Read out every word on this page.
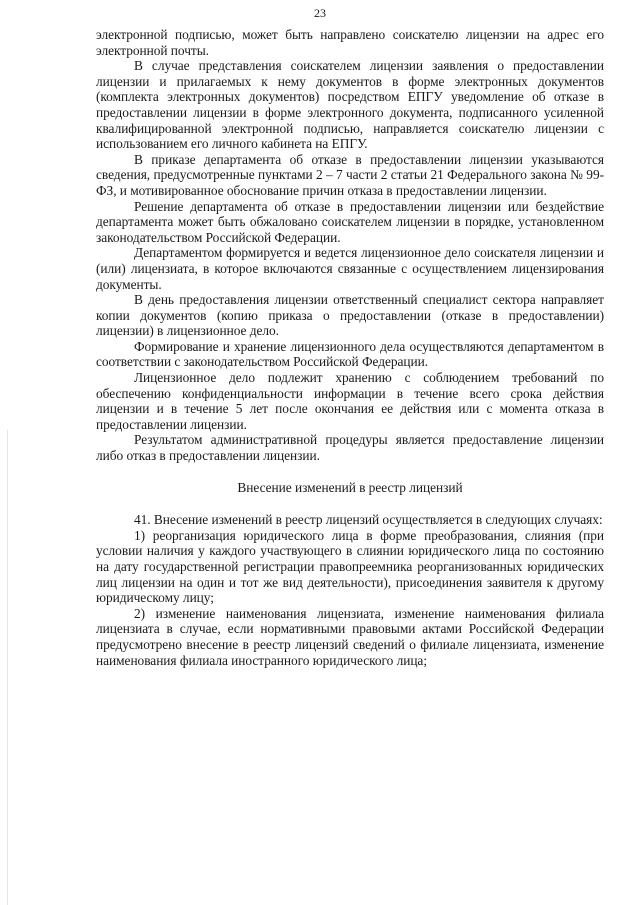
23

электронной подписью, может быть направлено соискателю лицензии на адрес его электронной почты.

В случае представления соискателем лицензии заявления о предоставлении лицензии и прилагаемых к нему документов в форме электронных документов (комплекта электронных документов) посредством ЕПГУ уведомление об отказе в предоставлении лицензии в форме электронного документа, подписанного усиленной квалифицированной электронной подписью, направляется соискателю лицензии с использованием его личного кабинета на ЕПГУ.

В приказе департамента об отказе в предоставлении лицензии указываются сведения, предусмотренные пунктами 2 – 7 части 2 статьи 21 Федерального закона № 99-ФЗ, и мотивированное обоснование причин отказа в предоставлении лицензии.

Решение департамента об отказе в предоставлении лицензии или бездействие департамента может быть обжаловано соискателем лицензии в порядке, установленном законодательством Российской Федерации.

Департаментом формируется и ведется лицензионное дело соискателя лицензии и (или) лицензиата, в которое включаются связанные с осуществлением лицензирования документы.

В день предоставления лицензии ответственный специалист сектора направляет копии документов (копию приказа о предоставлении (отказе в предоставлении) лицензии) в лицензионное дело.

Формирование и хранение лицензионного дела осуществляются департаментом в соответствии с законодательством Российской Федерации.

Лицензионное дело подлежит хранению с соблюдением требований по обеспечению конфиденциальности информации в течение всего срока действия лицензии и в течение 5 лет после окончания ее действия или с момента отказа в предоставлении лицензии.

Результатом административной процедуры является предоставление лицензии либо отказ в предоставлении лицензии.

Внесение изменений в реестр лицензий

41. Внесение изменений в реестр лицензий осуществляется в следующих случаях:

1) реорганизация юридического лица в форме преобразования, слияния (при условии наличия у каждого участвующего в слиянии юридического лица по состоянию на дату государственной регистрации правопреемника реорганизованных юридических лиц лицензии на один и тот же вид деятельности), присоединения заявителя к другому юридическому лицу;

2) изменение наименования лицензиата, изменение наименования филиала лицензиата в случае, если нормативными правовыми актами Российской Федерации предусмотрено внесение в реестр лицензий сведений о филиале лицензиата, изменение наименования филиала иностранного юридического лица;
